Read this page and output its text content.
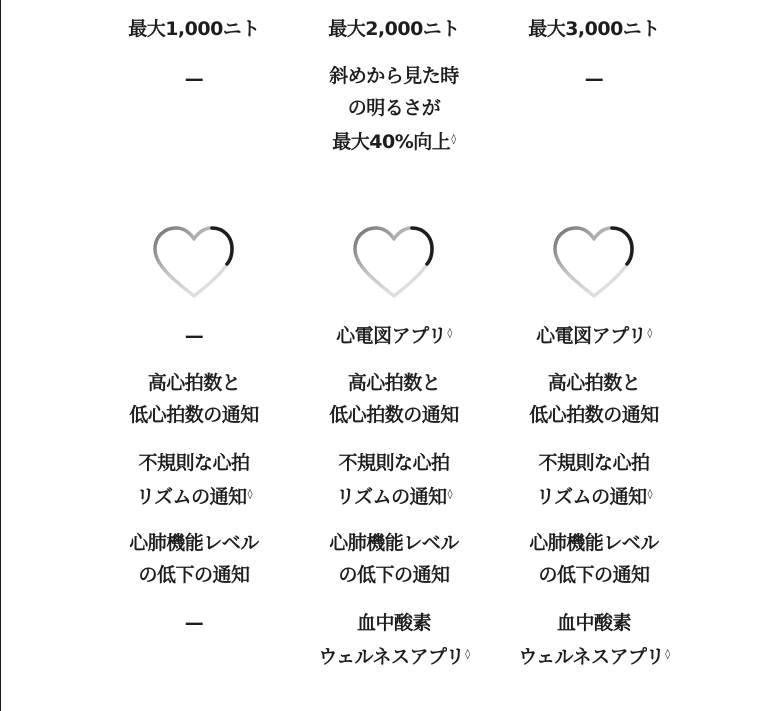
最大1,000ニト
—
—
高心拍数と
低心拍数の通知
不規則な心拍
リズムの通知◊
心肺機能レベル
の低下の通知
—
最大2,000ニト
斜めから見た時
の明るさが
最大40%向上◊
心電図アプリ◊
高心拍数と
低心拍数の通知
不規則な心拍
リズムの通知◊
心肺機能レベル
の低下の通知
血中酸素
ウェルネスアプリ◊
最大3,000ニト
—
心電図アプリ◊
高心拍数と
低心拍数の通知
不規則な心拍
リズムの通知◊
心肺機能レベル
の低下の通知
血中酸素
ウェルネスアプリ◊
